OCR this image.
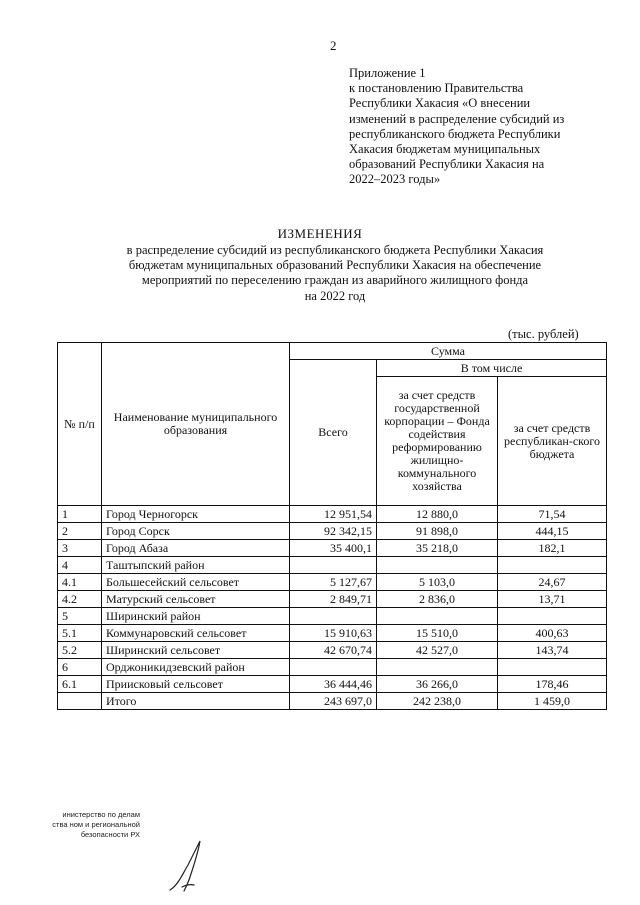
2
Приложение 1
к постановлению Правительства
Республики Хакасия «О внесении
изменений в распределение субсидий из
республиканского бюджета Республики
Хакасия бюджетам муниципальных
образований Республики Хакасия на
2022–2023 годы»
ИЗМЕНЕНИЯ
в распределение субсидий из республиканского бюджета Республики Хакасия
бюджетам муниципальных образований Республики Хакасия на обеспечение
мероприятий по переселению граждан из аварийного жилищного фонда
на 2022 год
(тыс. рублей)
№ п/п	Наименование муниципального образования	Сумма		
		Всего	В том числе	
			за счет средств государственной корпорации – Фонда содействия реформированию жилищно-коммунального хозяйства	за счет средств республикан-ского бюджета
1	Город Черногорск	12 951,54	12 880,0	71,54
2	Город Сорск	92 342,15	91 898,0	444,15
3	Город Абаза	35 400,1	35 218,0	182,1
4	Таштыпский район			
4.1	Большесейский сельсовет	5 127,67	5 103,0	24,67
4.2	Матурский сельсовет	2 849,71	2 836,0	13,71
5	Ширинский район			
5.1	Коммунаровский сельсовет	15 910,63	15 510,0	400,63
5.2	Ширинский сельсовет	42 670,74	42 527,0	143,74
6	Орджоникидзевский район			
6.1	Приисковый сельсовет	36 444,46	36 266,0	178,46
	Итого	243 697,0	242 238,0	1 459,0
инистерство по делам
ства ном и региональной
безопасности РХ
